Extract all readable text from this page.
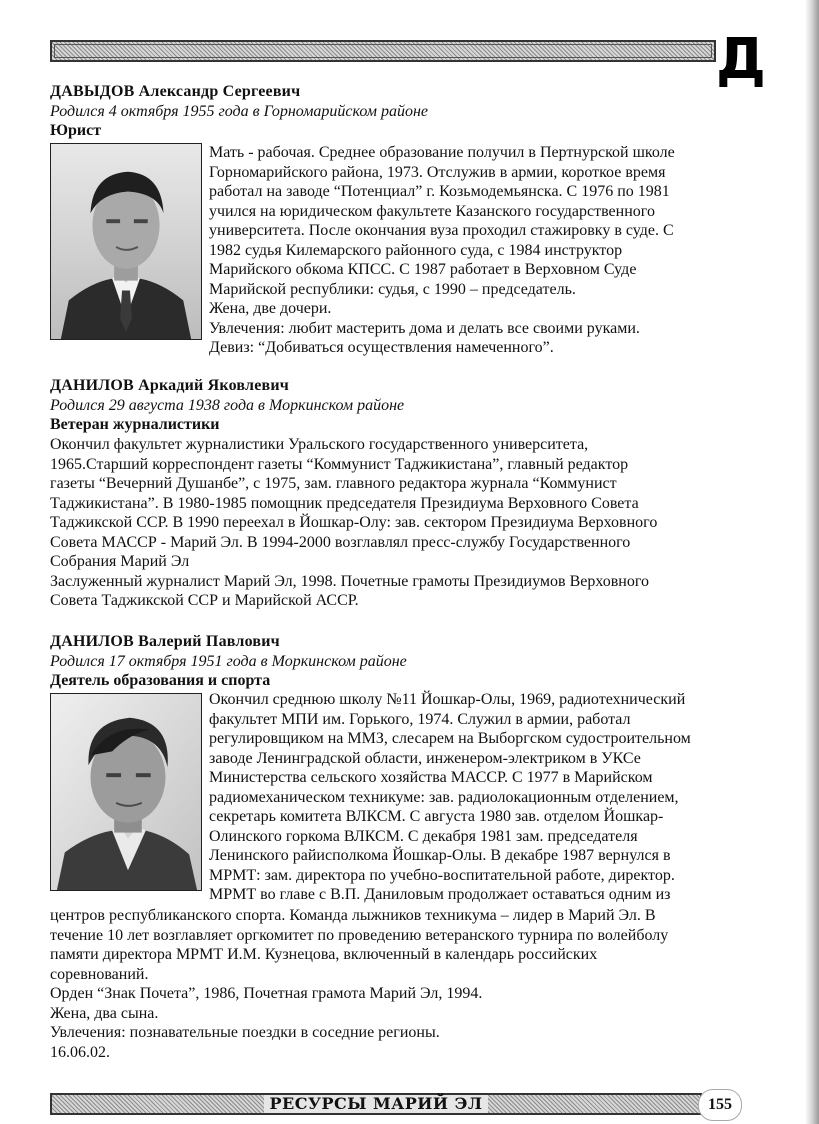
Д
ДАВЫДОВ Александр Сергеевич
Родился 4 октября 1955 года в Горномарийском районе
Юрист

Мать - рабочая. Среднее образование получил в Пертнурской школе

Горномарийского района, 1973. Отслужив в армии, короткое время

работал на заводе “Потенциал” г. Козьмодемьянска. С 1976 по 1981

учился на юридическом факультете Казанского государственного

университета. После окончания вуза проходил стажировку в суде. С

1982 судья Килемарского районного суда, с 1984 инструктор

Марийского обкома КПСС. С 1987 работает в Верховном Суде

Марийской республики: судья, с 1990 – председатель.

Жена, две дочери.

Увлечения: любит мастерить дома и делать все своими руками.

Девиз: “Добиваться осуществления намеченного”.

ДАНИЛОВ Аркадий Яковлевич
Родился 29 августа 1938 года в Моркинском районе
Ветеран журналистики

Окончил факультет журналистики Уральского государственного университета,

1965.Старший корреспондент газеты “Коммунист Таджикистана”, главный редактор

газеты “Вечерний Душанбе”, с 1975, зам. главного редактора журнала “Коммунист

Таджикистана”. В 1980-1985 помощник председателя Президиума Верховного Совета

Таджикской ССР. В 1990 переехал в Йошкар-Олу: зав. сектором Президиума Верховного

Совета МАССР - Марий Эл. В 1994-2000 возглавлял пресс-службу Государственного

Собрания Марий Эл

Заслуженный журналист Марий Эл, 1998. Почетные грамоты Президиумов Верховного

Совета Таджикской ССР и Марийской АССР.

ДАНИЛОВ Валерий Павлович
Родился 17 октября 1951 года в Моркинском районе
Деятель образования и спорта

Окончил среднюю школу №11 Йошкар-Олы, 1969, радиотехнический

факультет МПИ им. Горького, 1974. Служил в армии, работал

регулировщиком на ММЗ, слесарем на Выборгском судостроительном

заводе Ленинградской области, инженером-электриком в УКСе

Министерства сельского хозяйства МАССР. С 1977 в Марийском

радиомеханическом техникуме: зав. радиолокационным отделением,

секретарь комитета ВЛКСМ. С августа 1980 зав. отделом Йошкар-

Олинского горкома ВЛКСМ. С декабря 1981 зам. председателя

Ленинского райисполкома Йошкар-Олы. В декабре 1987 вернулся в

МРМТ: зам. директора по учебно-воспитательной работе, директор.

МРМТ во главе с В.П. Даниловым продолжает оставаться одним из

центров республиканского спорта. Команда лыжников техникума – лидер в Марий Эл. В

течение 10 лет возглавляет оргкомитет по проведению ветеранского турнира по волейболу

памяти директора МРМТ И.М. Кузнецова, включенный в календарь российских

соревнований.

Орден “Знак Почета”, 1986, Почетная грамота Марий Эл, 1994.

Жена, два сына.

Увлечения: познавательные поездки в соседние регионы.

16.06.02.

РЕСУРСЫ МАРИЙ ЭЛ	155
